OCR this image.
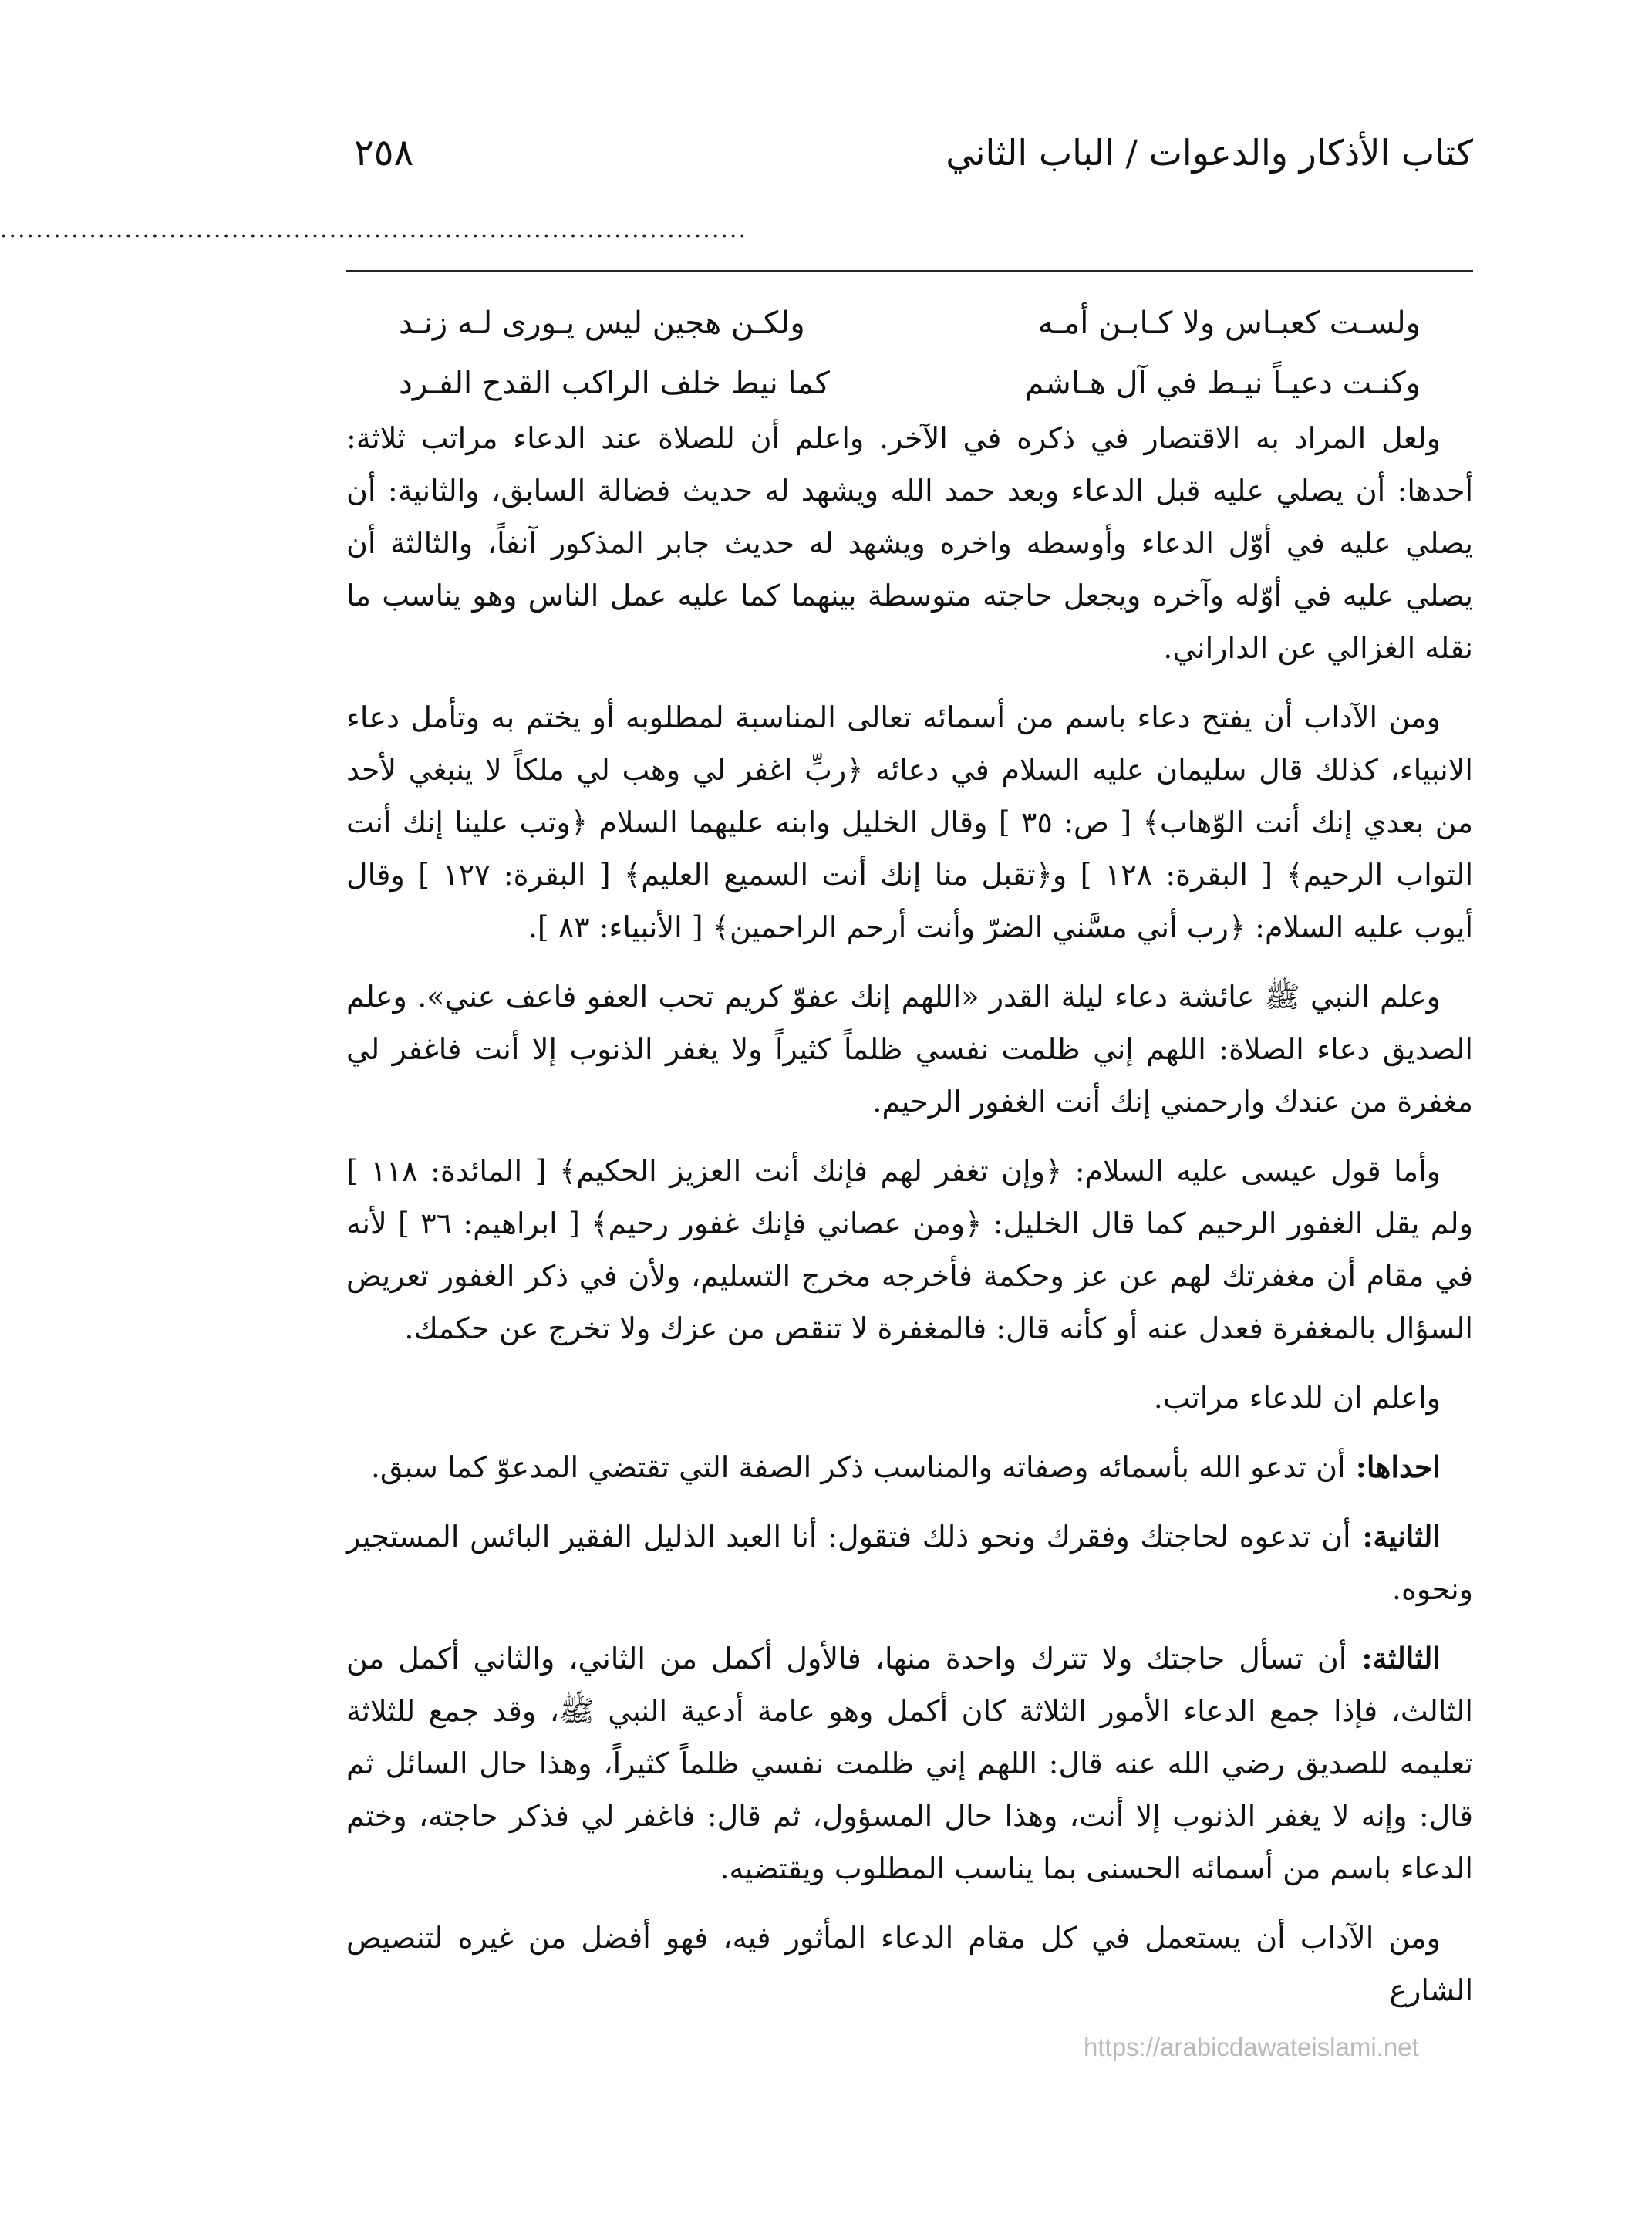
كتاب الأذكار والدعوات / الباب الثاني
٢٥٨
....................................................................................
ولسـت كعبـاس ولا كـابـن أمـه
ولكـن هجين ليس يـورى لـه زنـد
وكنـت دعيـاً نيـط في آل هـاشم
كما نيط خلف الراكب القدح الفـرد

ولعل المراد به الاقتصار في ذكره في الآخر. واعلم أن للصلاة عند الدعاء مراتب ثلاثة: أحدها: أن يصلي عليه قبل الدعاء وبعد حمد الله ويشهد له حديث فضالة السابق، والثانية: أن يصلي عليه في أوّل الدعاء وأوسطه واخره ويشهد له حديث جابر المذكور آنفاً، والثالثة أن يصلي عليه في أوّله وآخره ويجعل حاجته متوسطة بينهما كما عليه عمل الناس وهو يناسب ما نقله الغزالي عن الداراني.

ومن الآداب أن يفتح دعاء باسم من أسمائه تعالى المناسبة لمطلوبه أو يختم به وتأمل دعاء الانبياء، كذلك قال سليمان عليه السلام في دعائه ﴿ربِّ اغفر لي وهب لي ملكاً لا ينبغي لأحد من بعدي إنك أنت الوّهاب﴾ [ ص: ٣٥ ] وقال الخليل وابنه عليهما السلام ﴿وتب علينا إنك أنت التواب الرحيم﴾ [ البقرة: ١٢٨ ] و﴿تقبل منا إنك أنت السميع العليم﴾ [ البقرة: ١٢٧ ] وقال أيوب عليه السلام: ﴿رب أني مسَّني الضرّ وأنت أرحم الراحمين﴾ [ الأنبياء: ٨٣ ].

وعلم النبي ﷺ عائشة دعاء ليلة القدر «اللهم إنك عفوّ كريم تحب العفو فاعف عني». وعلم الصديق دعاء الصلاة: اللهم إني ظلمت نفسي ظلماً كثيراً ولا يغفر الذنوب إلا أنت فاغفر لي مغفرة من عندك وارحمني إنك أنت الغفور الرحيم.

وأما قول عيسى عليه السلام: ﴿وإن تغفر لهم فإنك أنت العزيز الحكيم﴾ [ المائدة: ١١٨ ] ولم يقل الغفور الرحيم كما قال الخليل: ﴿ومن عصاني فإنك غفور رحيم﴾ [ ابراهيم: ٣٦ ] لأنه في مقام أن مغفرتك لهم عن عز وحكمة فأخرجه مخرج التسليم، ولأن في ذكر الغفور تعريض السؤال بالمغفرة فعدل عنه أو كأنه قال: فالمغفرة لا تنقص من عزك ولا تخرج عن حكمك.

واعلم ان للدعاء مراتب.

احداها: أن تدعو الله بأسمائه وصفاته والمناسب ذكر الصفة التي تقتضي المدعوّ كما سبق.

الثانية: أن تدعوه لحاجتك وفقرك ونحو ذلك فتقول: أنا العبد الذليل الفقير البائس المستجير ونحوه.

الثالثة: أن تسأل حاجتك ولا تترك واحدة منها، فالأول أكمل من الثاني، والثاني أكمل من الثالث، فإذا جمع الدعاء الأمور الثلاثة كان أكمل وهو عامة أدعية النبي ﷺ، وقد جمع للثلاثة تعليمه للصديق رضي الله عنه قال: اللهم إني ظلمت نفسي ظلماً كثيراً، وهذا حال السائل ثم قال: وإنه لا يغفر الذنوب إلا أنت، وهذا حال المسؤول، ثم قال: فاغفر لي فذكر حاجته، وختم الدعاء باسم من أسمائه الحسنى بما يناسب المطلوب ويقتضيه.

ومن الآداب أن يستعمل في كل مقام الدعاء المأثور فيه، فهو أفضل من غيره لتنصيص الشارع

https://arabicdawateislami.net
